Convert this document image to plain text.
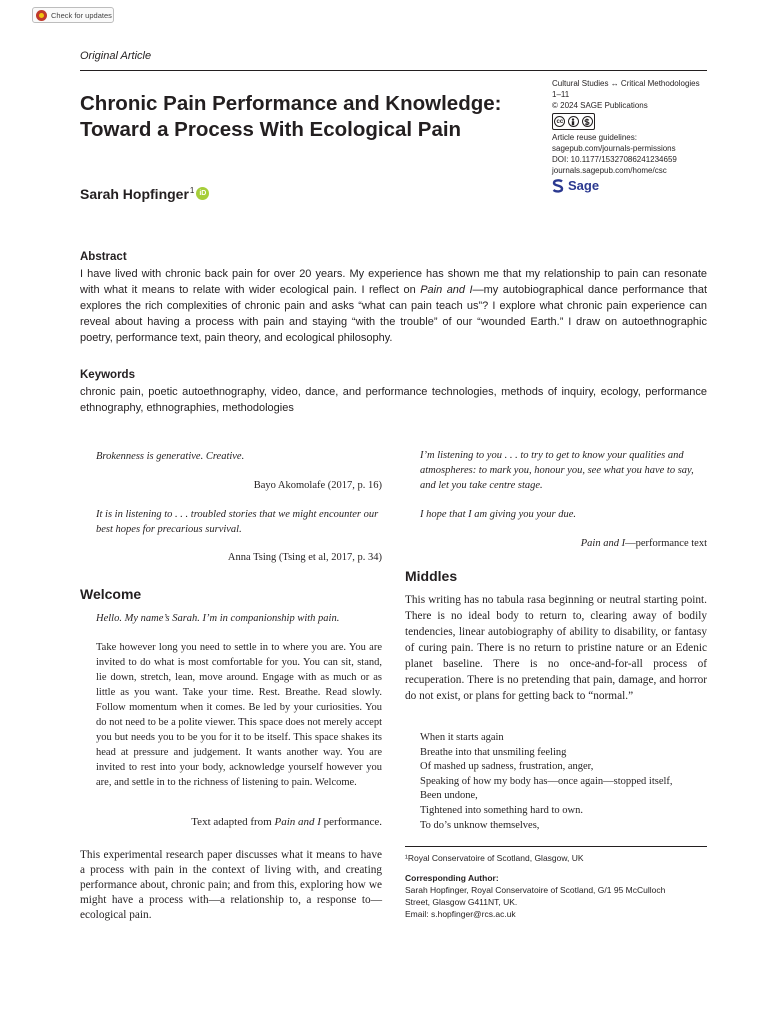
Check for updates
Original Article
Chronic Pain Performance and Knowledge: Toward a Process With Ecological Pain
Cultural Studies ↔ Critical Methodologies
1–11
© 2024 SAGE Publications
cc
Article reuse guidelines:
sagepub.com/journals-permissions
DOI: 10.1177/15327086241234659
journals.sagepub.com/home/csc
Sage
Sarah Hopfinger$^1$ iD
Abstract

I have lived with chronic back pain for over 20 years. My experience has shown me that my relationship to pain can resonate with what it means to relate with wider ecological pain. I reflect on Pain and I—my autobiographical dance performance that explores the rich complexities of chronic pain and asks “what can pain teach us”? I explore what chronic pain experience can reveal about having a process with pain and staying “with the trouble” of our “wounded Earth.” I draw on autoethnographic poetry, performance text, pain theory, and ecological philosophy.

Keywords

chronic pain, poetic autoethnography, video, dance, and performance technologies, methods of inquiry, ecology, performance ethnography, ethnographies, methodologies

Brokenness is generative. Creative.

Bayo Akomolafe (2017, p. 16)

It is in listening to . . . troubled stories that we might encounter our best hopes for precarious survival.

Anna Tsing (Tsing et al, 2017, p. 34)
Welcome

Hello. My name’s Sarah. I’m in companionship with pain.

Take however long you need to settle in to where you are. You are invited to do what is most comfortable for you. You can sit, stand, lie down, stretch, lean, move around. Engage with as much or as little as you want. Take your time. Rest. Breathe. Read slowly. Follow momentum when it comes. Be led by your curiosities. You do not need to be a polite viewer. This space does not merely accept you but needs you to be you for it to be itself. This space shakes its head at pressure and judgement. It wants another way. You are invited to rest into your body, acknowledge yourself however you are, and settle in to the richness of listening to pain. Welcome.

Text adapted from Pain and I performance.

This experimental research paper discusses what it means to have a process with pain in the context of living with, and creating performance about, chronic pain; and from this, exploring how we might have a process with—a relationship to, a response to—ecological pain.

I’m listening to you . . . to try to get to know your qualities and atmospheres: to mark you, honour you, see what you have to say, and let you take centre stage.

I hope that I am giving you your due.

Pain and I—performance text
Middles

This writing has no tabula rasa beginning or neutral starting point. There is no ideal body to return to, clearing away of bodily tendencies, linear autobiography of ability to disability, or fantasy of curing pain. There is no return to pristine nature or an Edenic planet baseline. There is no once-and-for-all process of recuperation. There is no pretending that pain, damage, and horror do not exist, or plans for getting back to “normal.”

When it starts again
Breathe into that unsmiling feeling
Of mashed up sadness, frustration, anger,
Speaking of how my body has—once again—stopped itself,
Been undone,
Tightened into something hard to own.
To do’s unknow themselves,
¹Royal Conservatoire of Scotland, Glasgow, UK
Corresponding Author:
Sarah Hopfinger, Royal Conservatoire of Scotland, G/1 95 McCulloch
Street, Glasgow G411NT, UK.
Email: s.hopfinger@rcs.ac.uk
